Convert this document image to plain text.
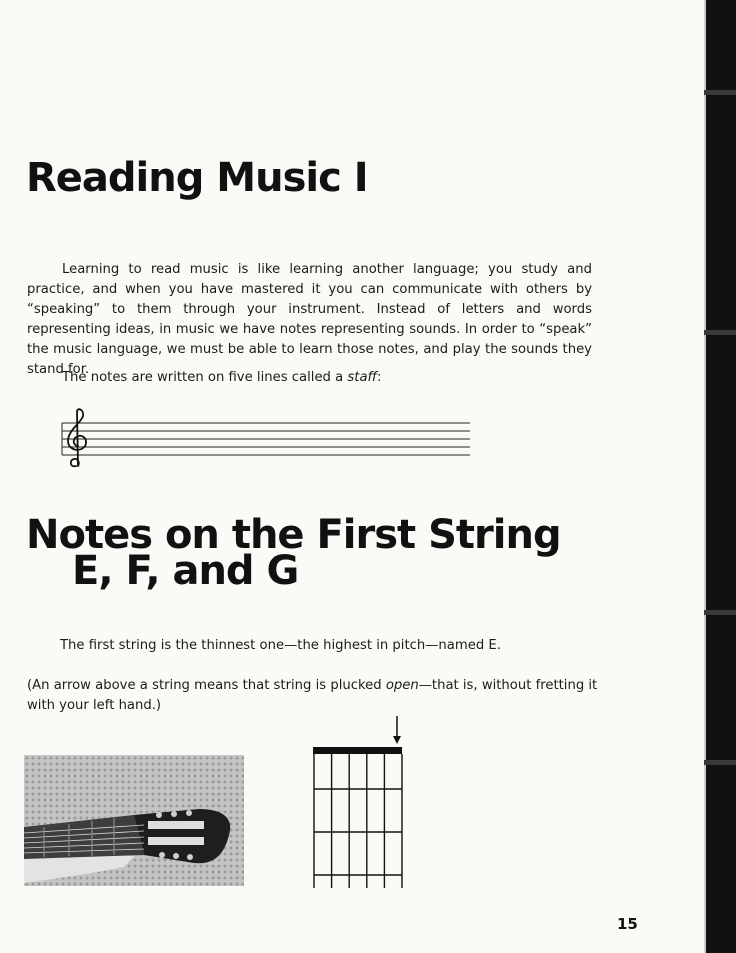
Reading Music I

Learning to read music is like learning another language; you study and practice, and when you have mastered it you can communicate with others by “speaking” to them through your instrument. Instead of letters and words representing ideas, in music we have notes representing sounds. In order to “speak” the music language, we must be able to learn those notes, and play the sounds they stand for.

The notes are written on five lines called a staff:

Notes on the First String
E, F, and G

The first string is the thinnest one—the highest in pitch—named E.

(An arrow above a string means that string is plucked open—that is, without fretting it with your left hand.)

15
